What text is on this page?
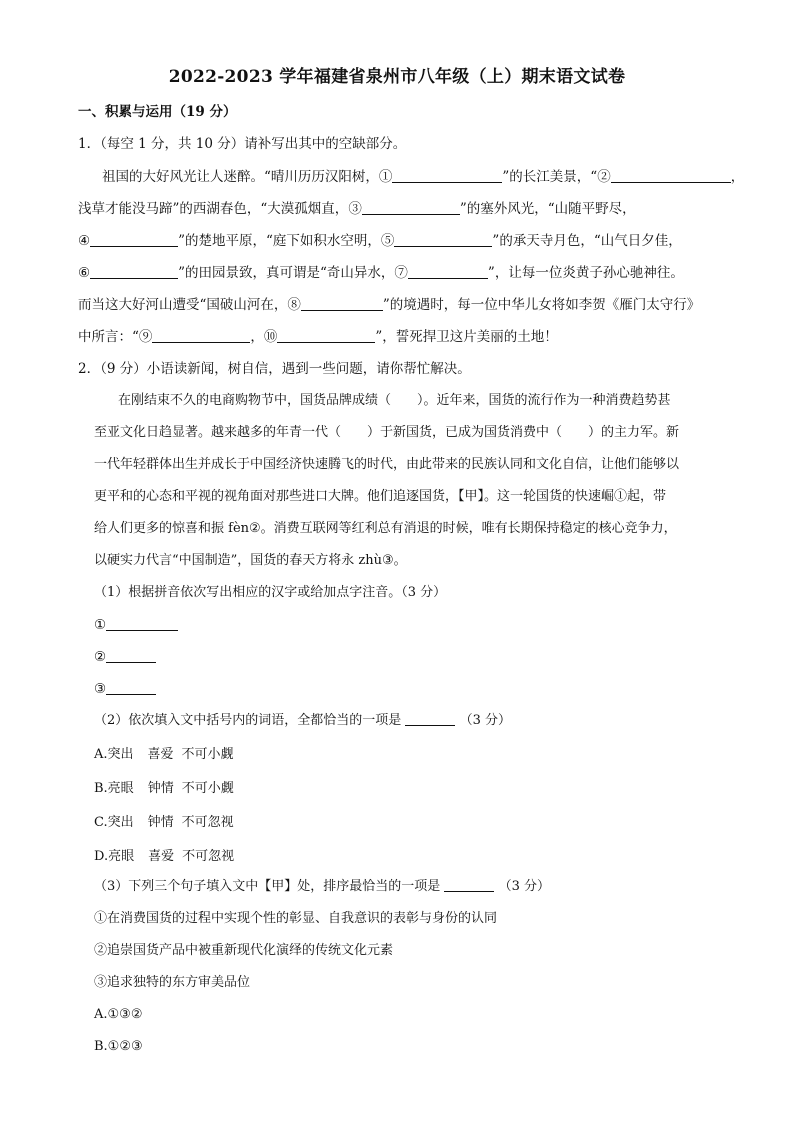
2022-2023 学年福建省泉州市八年级（上）期末语文试卷
一、积累与运用（19 分）
1．（每空 1 分，共 10 分）请补写出其中的空缺部分。
祖国的大好风光让人迷醉。“晴川历历汉阳树，①	”的长江美景，“②	，
浅草才能没马蹄”的西湖春色，“大漠孤烟直，③	”的塞外风光，“山随平野尽，
④	”的楚地平原，“庭下如积水空明，⑤	”的承天寺月色，“山气日夕佳，
⑥	”的田园景致，真可谓是“奇山异水，⑦	”，让每一位炎黄子孙心驰神往。
而当这大好河山遭受“国破山河在，⑧	”的境遇时，每一位中华儿女将如李贺《雁门太守行》
中所言：“⑨	，⑩	”，誓死捍卫这片美丽的土地！
2．（9 分）小语读新闻，树自信，遇到一些问题，请你帮忙解决。
在刚结束不久的电商购物节中，国货品牌成绩（　　）。近年来，国货的流行作为一种消费趋势甚
至亚文化日趋显著。越来越多的年青一代（　　）于新国货，已成为国货消费中（　　）的主力军。新
一代年轻群体出生并成长于中国经济快速腾飞的时代，由此带来的民族认同和文化自信，让他们能够以
更平和的心态和平视的视角面对那些进口大牌。他们追逐国货，【甲】。这一轮国货的快速崛①起，带
给人们更多的惊喜和振 fèn②。消费互联网等红利总有消退的时候，唯有长期保持稳定的核心竞争力，
以硬实力代言“中国制造”，国货的春天方将永 zhù③。
（1）根据拼音依次写出相应的汉字或给加点字注音。（3 分）
①
②
③
（2）依次填入文中括号内的词语，全都恰当的一项是	（3 分）
A.突出 喜爱 不可小觑
B.亮眼 钟情 不可小觑
C.突出 钟情 不可忽视
D.亮眼 喜爱 不可忽视
（3）下列三个句子填入文中【甲】处，排序最恰当的一项是	（3 分）
①在消费国货的过程中实现个性的彰显、自我意识的表彰与身份的认同
②追崇国货产品中被重新现代化演绎的传统文化元素
③追求独特的东方审美品位
A.①③②
B.①②③
